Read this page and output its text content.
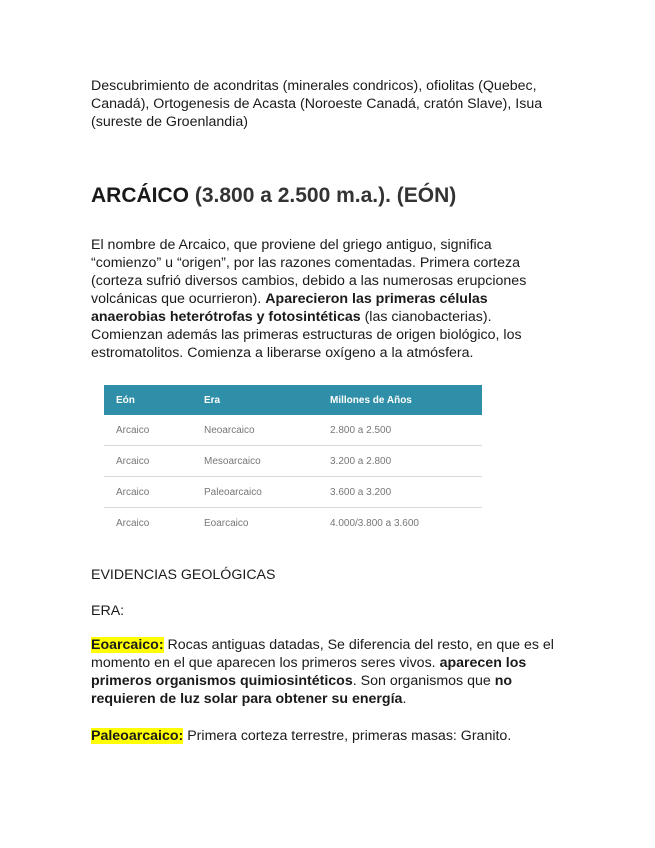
Descubrimiento de acondritas (minerales condricos), ofiolitas (Quebec, Canadá), Ortogenesis de Acasta (Noroeste Canadá, cratón Slave), Isua (sureste de Groenlandia)

ARCÁICO (3.800 a 2.500 m.a.). (EÓN)

El nombre de Arcaico, que proviene del griego antiguo, significa “comienzo” u “origen”, por las razones comentadas. Primera corteza (corteza sufrió diversos cambios, debido a las numerosas erupciones volcánicas que ocurrieron). Aparecieron las primeras células anaerobias heterótrofas y fotosintéticas (las cianobacterias). Comienzan además las primeras estructuras de origen biológico, los estromatolitos. Comienza a liberarse oxígeno a la atmósfera.

Eón	Era	Millones de Años
Arcaico	Neoarcaico	2.800 a 2.500
Arcaico	Mesoarcaico	3.200 a 2.800
Arcaico	Paleoarcaico	3.600 a 3.200
Arcaico	Eoarcaico	4.000/3.800 a 3.600

EVIDENCIAS GEOLÓGICAS

ERA:

Eoarcaico: Rocas antiguas datadas, Se diferencia del resto, en que es el momento en el que aparecen los primeros seres vivos. aparecen los primeros organismos quimiosintéticos. Son organismos que no requieren de luz solar para obtener su energía.

Paleoarcaico: Primera corteza terrestre, primeras masas: Granito.
